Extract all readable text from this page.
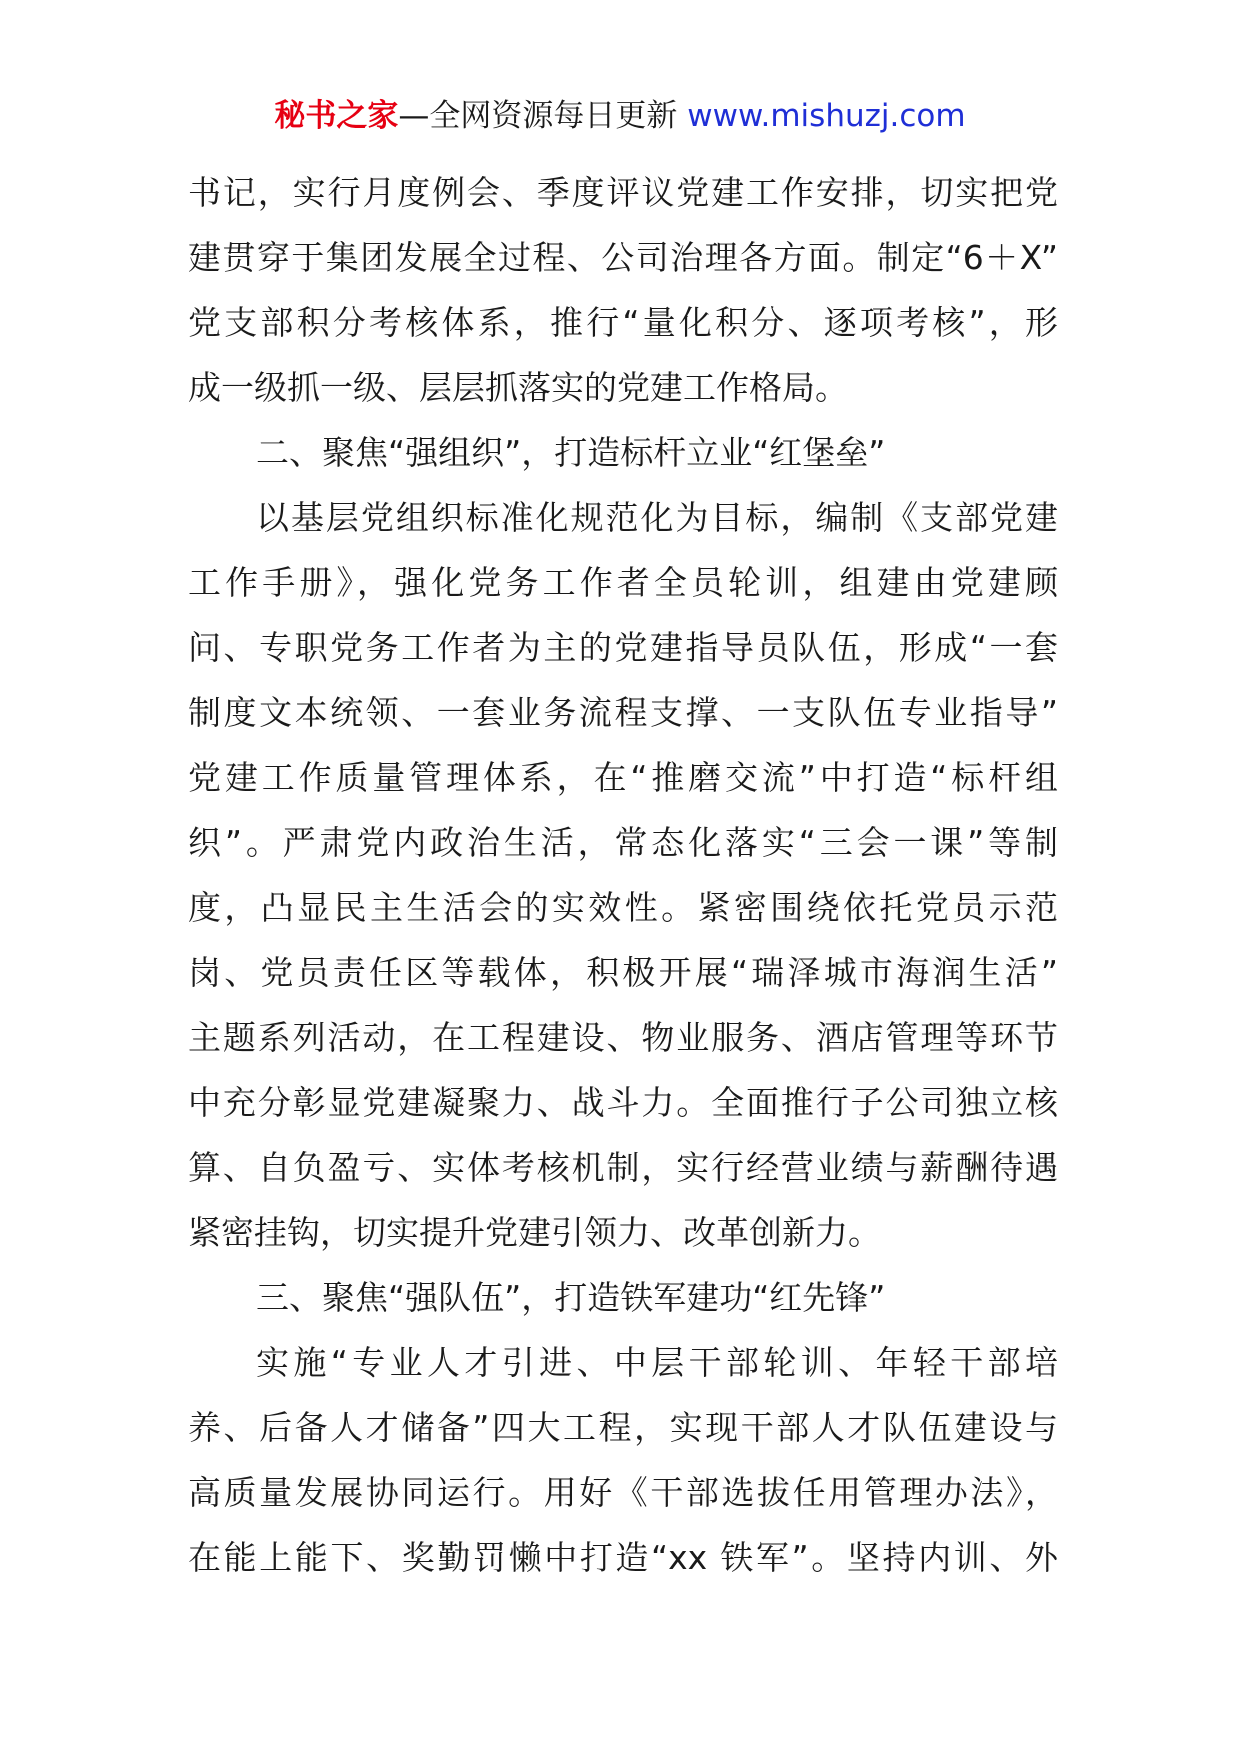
秘书之家—全网资源每日更新 www.mishuzj.com
书记，实行月度例会、季度评议党建工作安排，切实把党
建贯穿于集团发展全过程、公司治理各方面。制定“6＋X”
党支部积分考核体系，推行“量化积分、逐项考核”，形
成一级抓一级、层层抓落实的党建工作格局。
二、聚焦“强组织”，打造标杆立业“红堡垒”
以基层党组织标准化规范化为目标，编制《支部党建
工作手册》，强化党务工作者全员轮训，组建由党建顾
问、专职党务工作者为主的党建指导员队伍，形成“一套
制度文本统领、一套业务流程支撑、一支队伍专业指导”
党建工作质量管理体系，在“推磨交流”中打造“标杆组
织”。严肃党内政治生活，常态化落实“三会一课”等制
度，凸显民主生活会的实效性。紧密围绕依托党员示范
岗、党员责任区等载体，积极开展“瑞泽城市海润生活”
主题系列活动，在工程建设、物业服务、酒店管理等环节
中充分彰显党建凝聚力、战斗力。全面推行子公司独立核
算、自负盈亏、实体考核机制，实行经营业绩与薪酬待遇
紧密挂钩，切实提升党建引领力、改革创新力。
三、聚焦“强队伍”，打造铁军建功“红先锋”
实施“专业人才引进、中层干部轮训、年轻干部培
养、后备人才储备”四大工程，实现干部人才队伍建设与
高质量发展协同运行。用好《干部选拔任用管理办法》，
在能上能下、奖勤罚懒中打造“xx 铁军”。坚持内训、外
